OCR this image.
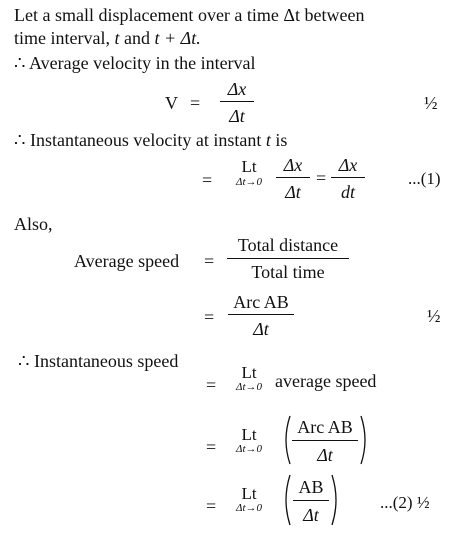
Let a small displacement over a time Δt between
time interval, t and t + Δt.
∴ Average velocity in the interval
V =
Δx
Δt
½
∴ Instantaneous velocity at instant t is
=
Lt
Δt→0
Δx
Δt
=
Δx
dt
...(1)
Also,
Average speed =
Total distance
Total time
=
Arc AB
Δt
½
∴ Instantaneous speed
=
Lt
Δt→0 average speed
=
Lt
Δt→0
Arc AB
Δt
=
Lt
Δt→0
AB
Δt
...(2) ½
